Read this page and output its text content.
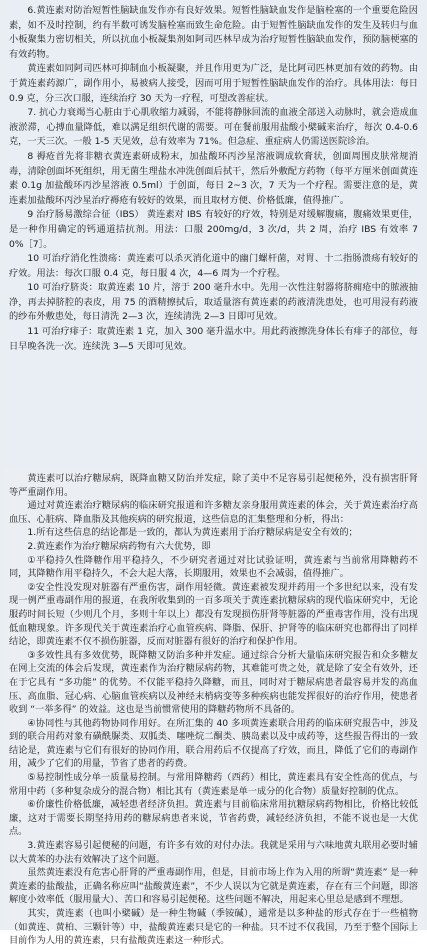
6.黄连素对防治短暂性脑缺血发作亦有良好效果。短暂性脑缺血发作是脑栓塞的一个重要危险因素，如不及时控制，约有半数可诱发脑栓塞而致生命危险。由于短暂性脑缺血发作的发生及转归与血小板聚集力密切相关，所以抗血小板凝集剂如阿司匹林早成为治疗短暂性脑缺血发作，预防脑梗塞的有效药物。

黄连素如同阿司匹林可抑制血小板凝聚，并且作用更为广泛，是比阿司匹林更加有效的药物。由于黄连素药源广，副作用小，易被病人接受，因而可用于短暂性脑缺血发作的治疗。具体用法：每日 0.9 克，分三次口服，连续治疗 30 天为一疗程，可望改善症状。

7. 抗心力衰竭当心脏由于心肌收缩力减弱，不能将静脉回流的血液全部送入动脉时，就会造成血液淤滞，心搏血量降低，难以满足组织代谢的需要。可在餐前服用盐酸小檗碱来治疗，每次 0.4-0.6 克，一天三次。一般 1-5 天见效，总有效率为 71%。但急症、重症病人仍需送医院诊治。

8 褥疮首先将非糖衣黄连素研成粉末，加盐酸环丙沙星溶液调成软膏状，创面周围皮肤常规消毒，清除创面坏死组织，用无菌生理盐水冲洗创面后拭干，然后外敷配方药物（每平方厘米创面黄连素 0.1g 加盐酸环丙沙星溶液 0.5ml）于创面，每日 2~3 次，7 天为一个疗程。需要注意的是，黄连素加盐酸环丙沙星治疗褥疮有较好的效果，而且取材方便、价格低廉，值得推广。

9 治疗肠易激综合征（IBS） 黄连素对 IBS 有较好的疗效，特别是对缓解腹痛，腹痛效果更佳，是一种作用确定的钙通道拮抗剂。用法：口服 200mg/d，3 次/d，共 2 周，治疗 IBS 有效率 70%［7］。

10 可治疗消化性溃疡：黄连素可以杀灭消化道中的幽门螺杆菌，对胃、十二指肠溃疡有较好的疗效。用法：每次口服 0.4 克，每日服 4 次，4—6 周为一个疗程。

10 可治疗脐炎：取黄连素 10 片，溶于 200 毫升水中。先用一次性注射器将脐痈疮中的脓液抽净，再去掉脐腔的表皮，用 75 的酒精擦拭后，取适量溶有黄连素的药液清洗患处，也可用浸有药液的纱布外敷患处，每日清洗 2—3 次，连续清洗 2—3 日即可见效。

11 可治疗痱子：取黄连素 1 克，加入 300 毫升温水中。用此药液擦洗身体长有痱子的部位，每日早晚各洗一次。连续洗 3—5 天即可见效。

黄连素可以治疗糖尿病，既降血糖又防治并发症，除了美中不足容易引起便秘外，没有损害肝肾等严重副作用。

通过对黄连素治疗糖尿病的临床研究报道和许多糖友亲身服用黄连素的体会，关于黄连素治疗高血压、心脏病、降血脂及其他疾病的研究报道，这些信息的汇集整理和分析，得出：

1.所有这些信息的结论都是一致的，都认为黄连素用于治疗糖尿病是安全有效的；

2.黄连素作为治疗糖尿病药物有六大优势，即

①平稳持久性降糖作用平稳持久，不少研究者通过对比试验证明，黄连素与当前常用降糖药不同，其降糖作用平稳持久，不会大起大落，长期服用，效果也不会减弱，值得推广。

②安全性没发现对脏器有严重伤害，副作用轻微。黄连素被发现并药用一个多世纪以来，没有发现一例严重毒副作用的报道，在我所收集到的一百多项关于黄连素抗糖尿病的现代临床研究中，无论服药时间长短（少则几个月，多则十年以上）都没有发现损伤肝肾等脏器的严重毒害作用，没有出现低血糖现象。许多现代关于黄连素治疗心血管疾病、降脂、保肝、护肾等的临床研究也都得出了同样结论，即黄连素不仅不损伤脏器，反而对脏器有很好的治疗和保护作用。

③多效性具有多效优势，既降糖又防治多种并发症。通过综合分析大量临床研究报告和众多糖友在网上交流的体会后发现，黄连素作为治疗糖尿病药物，其难能可贵之处，就是除了安全有效外，还在于它具有 “多功能” 的优势。不仅能平稳持久降糖，而且，同时对于糖尿病患者最容易并发的高血压、高血脂、冠心病、心脑血管疾病以及神经末梢病变等多种疾病也能发挥很好的治疗作用，使患者收到 “一举多得” 的效益。这也是当前惯常使用的降糖药物所不具备的。

④协同性与其他药物协同作用好。在所汇集的 40 多项黄连素联合用药的临床研究报告中，涉及到的联合用药对象有磺酰脲类、双胍类、噻唑烷二酮类、胰岛素以及中成药等，这些报告得出的一致结论是，黄连素与它们有很好的协同作用，联合用药后不仅提高了疗效，而且，降低了它们的毒副作用，减少了它们的用量，节省了患者的药费。

⑤易控制性成分单一质量易控制。与常用降糖药（西药）相比，黄连素具有安全性高的优点，与常用中药（多种复杂成分的混合物）相比其有（黄连素是单一成分的化合物）质量好控制的优点。

⑥价廉性价格低廉，减轻患者经济负担。黄连素与目前临床常用抗糖尿病药物相比，价格比较低廉，这对于需要长期坚持用药的糖尿病患者来说，节省药费，减轻经济负担，不能不说也是一大优点。

3.黄连素容易引起便秘的问题，有许多有效的对付办法。我就是采用与六味地黄丸联用必要时辅以大黄苯的办法有效解决了这个问题。

虽然黄连素没有危害心肝肾的严重毒副作用，但是，目前市场上作为入用的所谓“黄连素” 是一种黄连素的盐酸盐，正确名称应叫“盐酸黄连素”，不少人误以为它就是黄连素，存在有三个问题，即溶解度小效率低（服用量大）、苦口和容易引起便秘。这些问题不解决，用起来心里总是感到不理想。

其实，黄连素（也叫小檗碱）是一种生物碱（季铵碱），通常是以多种盐的形式存在于一些植物（如黄连、黄柏、三颗针等）中，盐酸黄连素只是它的一种盐。只不过不仅我国，乃至于整个国际上目前作为人用的黄连素，只有盐酸黄连素这一种形式。
